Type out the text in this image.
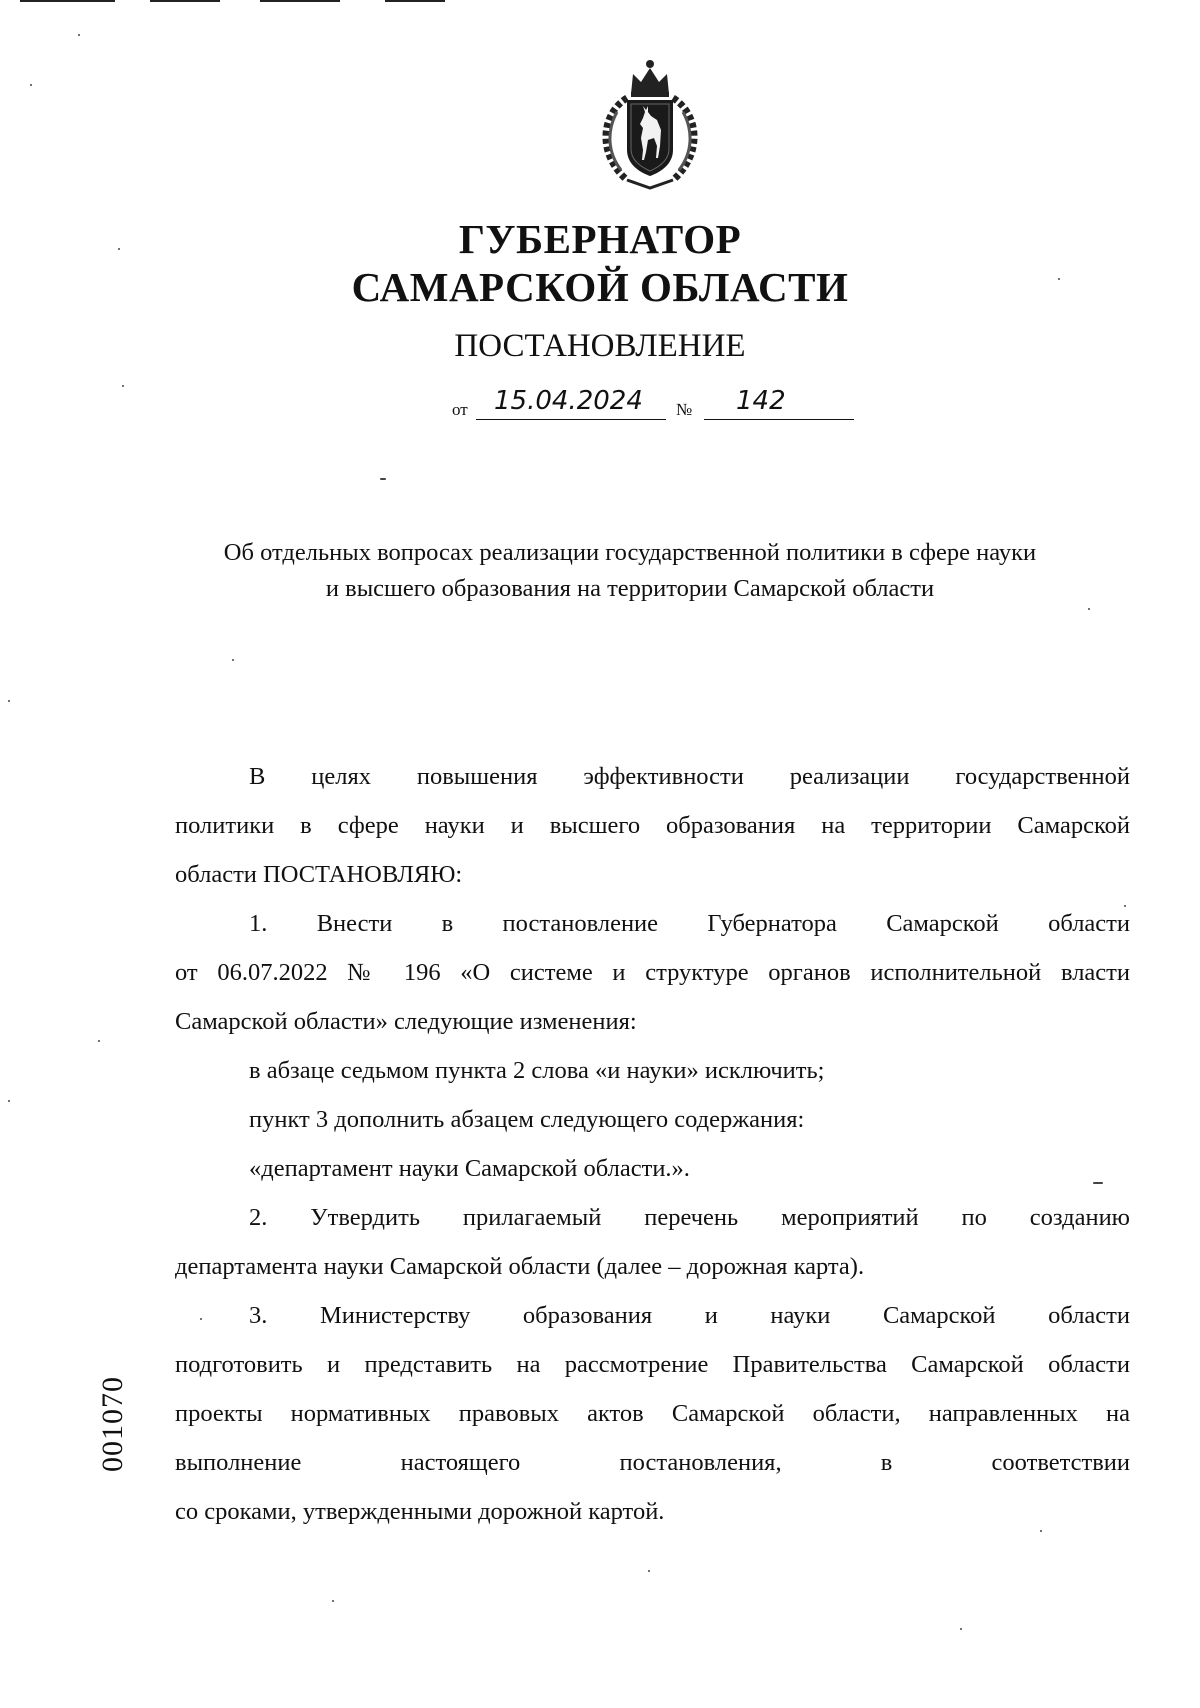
ГУБЕРНАТОР
САМАРСКОЙ ОБЛАСТИ
ПОСТАНОВЛЕНИЕ
от	15.04.2024	№	142

Об отдельных вопросах реализации государственной политики в сфере науки

и высшего образования на территории Самарской области

В целях повышения эффективности реализации государственной

политики в сфере науки и высшего образования на территории Самарской

области ПОСТАНОВЛЯЮ:

1. Внести в постановление Губернатора Самарской области

от 06.07.2022 № 196 «О системе и структуре органов исполнительной власти

Самарской области» следующие изменения:

в абзаце седьмом пункта 2 слова «и науки» исключить;

пункт 3 дополнить абзацем следующего содержания:

«департамент науки Самарской области.».

2. Утвердить прилагаемый перечень мероприятий по созданию

департамента науки Самарской области (далее – дорожная карта).

3. Министерству образования и науки Самарской области

подготовить и представить на рассмотрение Правительства Самарской области

проекты нормативных правовых актов Самарской области, направленных на

выполнение настоящего постановления, в соответствии

со сроками, утвержденными дорожной картой.

001070
